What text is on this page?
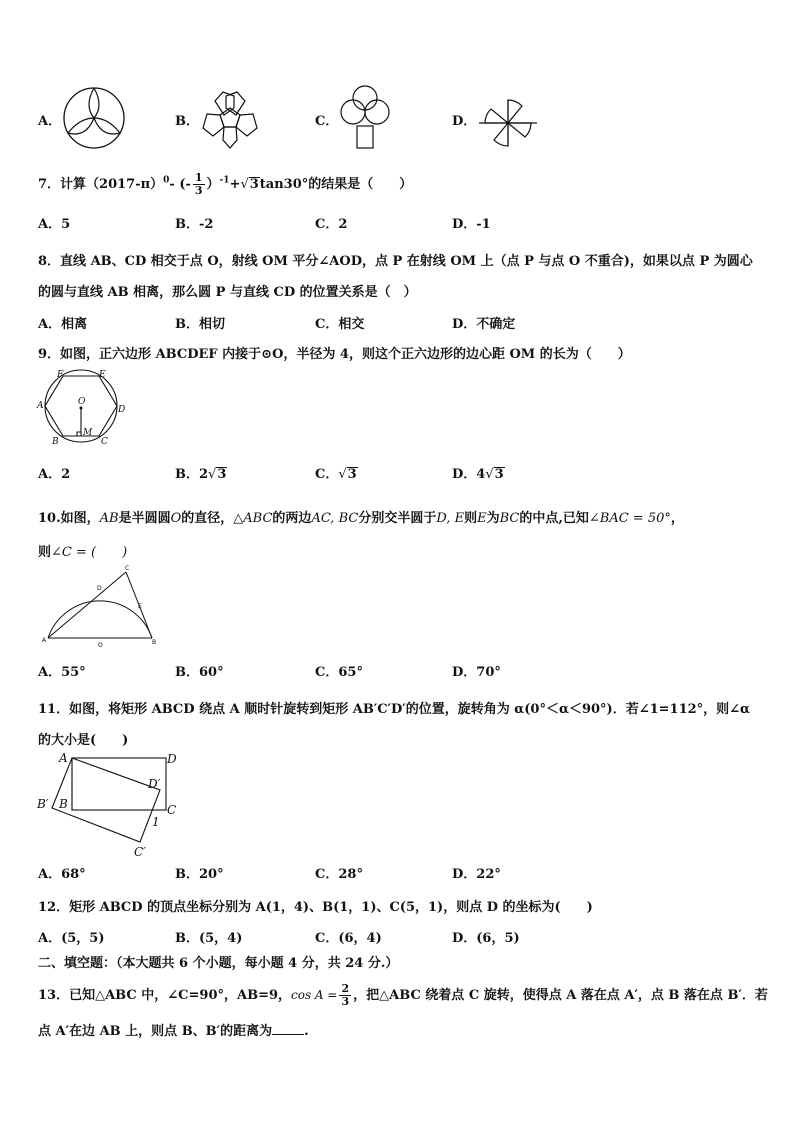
A．	B．	C．	D．
7．计算$(2017-\pi)^0-$ (- $\frac{1}{3} )^{-1}+√3\tan 30^\circ$的结果是（　　）
A．5	B．-2	C．2	D．-1
8．直线 AB、CD 相交于点 O，射线 OM 平分∠AOD，点 P 在射线 OM 上（点 P 与点 O 不重合)，如果以点 P 为圆心
的圆与直线 AB 相离，那么圆 P 与直线 CD 的位置关系是（　）
A．相离	B．相切	C．相交	D．不确定
9．如图，正六边形 ABCDEF 内接于⊙O，半径为 4，则这个正六边形的边心距 OM 的长为（　　）
F	E
A	D
O
B
M
C
A．2	B．2√3	C．√3	D．4√3
10.如图，AB是半圆圆O的直径，△ABC的两边AC, BC分别交半圆于D, E则E为BC的中点,已知∠BAC = 50°，
则∠C = (　　)
C
D
E
A
O	B
A．55°	B．60°	C．65°	D．70°
11．如图，将矩形 ABCD 绕点 A 顺时针旋转到矩形 AB′C′D′的位置，旋转角为 α(0°＜α＜90°)．若∠1=112°，则∠α
的大小是(　　)
A	D
D′
B′ B	C
1
C′
A．68°	B．20°	C．28°	D．22°
12．矩形 ABCD 的顶点坐标分别为 A(1，4)、B(1，1)、C(5，1)，则点 D 的坐标为(　　)
A．(5，5)	B．(5，4)	C．(6，4)	D．(6，5)
二、填空题：（本大题共 6 个小题，每小题 4 分，共 24 分.）
13．已知△ABC 中，∠C=90°，AB=9，$\cos A = \frac{2}{3}$ ，把△ABC 绕着点 C 旋转，使得点 A 落在点 A′，点 B 落在点 B′．若
点 A′在边 AB 上，则点 B、B′的距离为 .
